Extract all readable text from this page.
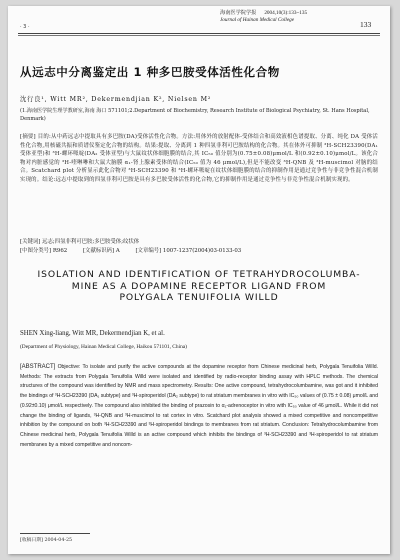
海南医学院学报 2004,10(3):133~135
Journal of Hainan Medical College
· 3 ·	133
从远志中分离鉴定出 1 种多巴胺受体活性化合物
沈行良¹, Witt MR², Dekermendjian K², Nielsen M²
(1.海南医学院生理学教研室,海南 海口 571101;2.Department of Biochemistry, Research Institute of Biological Psychiatry, St. Hans Hospital, Denmark)
[摘要] 目的:从中药远志中提取具有多巴胺(DA)受体活性化合物。方法:用体外的放射配体-受体结合和高效液相色谱提取、分离、纯化 DA 受体活性化合物,用核磁共振和质谱仪鉴定化合物的结构。结果:提取、分离到 1 种四氢非利可巴胺结构的化合物。其在体外可抑制 ³H-SCH23390(DA₁ 受体亚型)和 ³H-螺环哌啶(DA₂ 受体亚型)与大鼠纹状体细胞膜的结合,其 IC₅₀ 值分别为(0.75±0.08)μmol/L 和(0.92±0.10)μmol/L。该化合物对内脏感觉的 ³H-喹啉啉和大鼠大脑膜 α₁-肾上腺素受体的结合(IC₅₀ 值为 46 μmol/L),但是不能改变 ³H-QNB 及 ³H-muscimol 对脑的结合。Scatchard plot 分析显示此化合物对 ³H-SCH23390 和 ³H-螺环哌啶在纹状体细胞膜的结合的抑制作用是通过竞争性与非竞争性混合机制实现的。结论:远志中提取到的四氢非利可巴胺是具有多巴胺受体活性的化合物,它的抑制作用是通过竞争性与非竞争性混合机制实现的。
[关键词] 远志;四氢非利可巴胺;多巴胺受体;纹状体
[中图分类号] R962	[文献标识码] A	[文章编号] 1007-1237(2004)03-0133-03
ISOLATION AND IDENTIFICATION OF TETRAHYDROCOLUMBA-
MINE AS A DOPAMINE RECEPTOR LIGAND FROM
POLYGALA TENUIFOLIA WILLD
SHEN Xing-liang, Witt MR, Dekermendjian K, et al.
(Department of Physiology, Hainan Medical College, Haikou 571101, China)
[ABSTRACT] Objective: To isolate and purify the active compounds at the dopamine receptor from Chinese medicinal herb, Polygala Tenuifolia Willd. Methods: The extracts from Polygala Tenuifolia Willd were isolated and identified by radio-receptor binding assay with HPLC methods. The chemical structures of the compound was identified by NMR and mass spectrometry. Results: One active compound, tetrahydrocolumbamine, was got and it inhibited the bindings of ³H-SCH23390 (DA₁ subtype) and ³H-spiroperidol (DA₂ subtype) to rat striatum membranes in vitro with IC₅₀ values of (0.75 ± 0.08) μmol/L and (0.92±0.10) μmol/L respectively. The compound also inhibited the binding of prazosin to α₁-adrenoceptor in vitro with IC₅₀ value of 46 μmol/L. While it did not change the binding of ligands, ³H-QNB and ³H-muscimol to rat cortex in vitro. Scatchard plot analysis showed a mixed competitive and noncompetitive inhibition by the compound on both ³H-SCH23390 and ³H-spiroperidol bindings to membranes from rat striatum. Conclusion: Tetrahydrocolumbamine from Chinese medicinal herb, Polygala Tenuifolia Willd is an active compound which inhibits the bindings of ³H-SCH23390 and ³H-spiroperidol to rat striatum membranes by a mixed competitive and noncom-
[收稿日期] 2004-04-25
